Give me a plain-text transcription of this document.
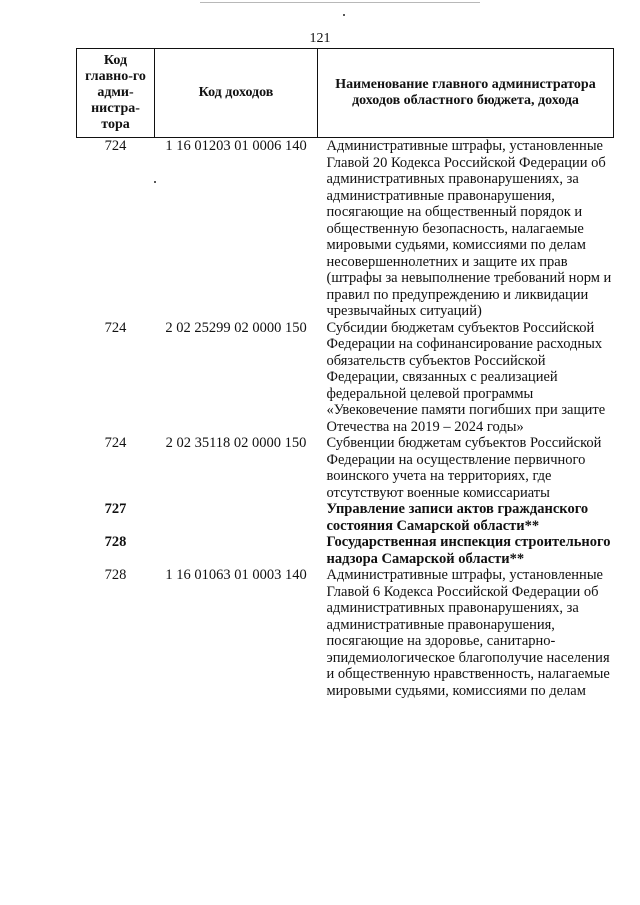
121
Код главно-го адми-нистра-тора	Код доходов	Наименование главного администратора доходов областного бюджета, дохода
724	1 16 01203 01 0006 140	Административные штрафы, установленные Главой 20 Кодекса Российской Федерации об административных правонарушениях, за административные правонарушения, посягающие на общественный порядок и общественную безопасность, налагаемые мировыми судьями, комиссиями по делам несовершеннолетних и защите их прав (штрафы за невыполнение требований норм и правил по предупреждению и ликвидации чрезвычайных ситуаций)
724	2 02 25299 02 0000 150	Субсидии бюджетам субъектов Российской Федерации на софинансирование расходных обязательств субъектов Российской Федерации, связанных с реализацией федеральной целевой программы «Увековечение памяти погибших при защите Отечества на 2019 – 2024 годы»
724	2 02 35118 02 0000 150	Субвенции бюджетам субъектов Российской Федерации на осуществление первичного воинского учета на территориях, где отсутствуют военные комиссариаты
727		Управление записи актов гражданского состояния Самарской области**
728		Государственная инспекция строительного надзора Самарской области**
728	1 16 01063 01 0003 140	Административные штрафы, установленные Главой 6 Кодекса Российской Федерации об административных правонарушениях, за административные правонарушения, посягающие на здоровье, санитарно-эпидемиологическое благополучие населения и общественную нравственность, налагаемые мировыми судьями, комиссиями по делам
